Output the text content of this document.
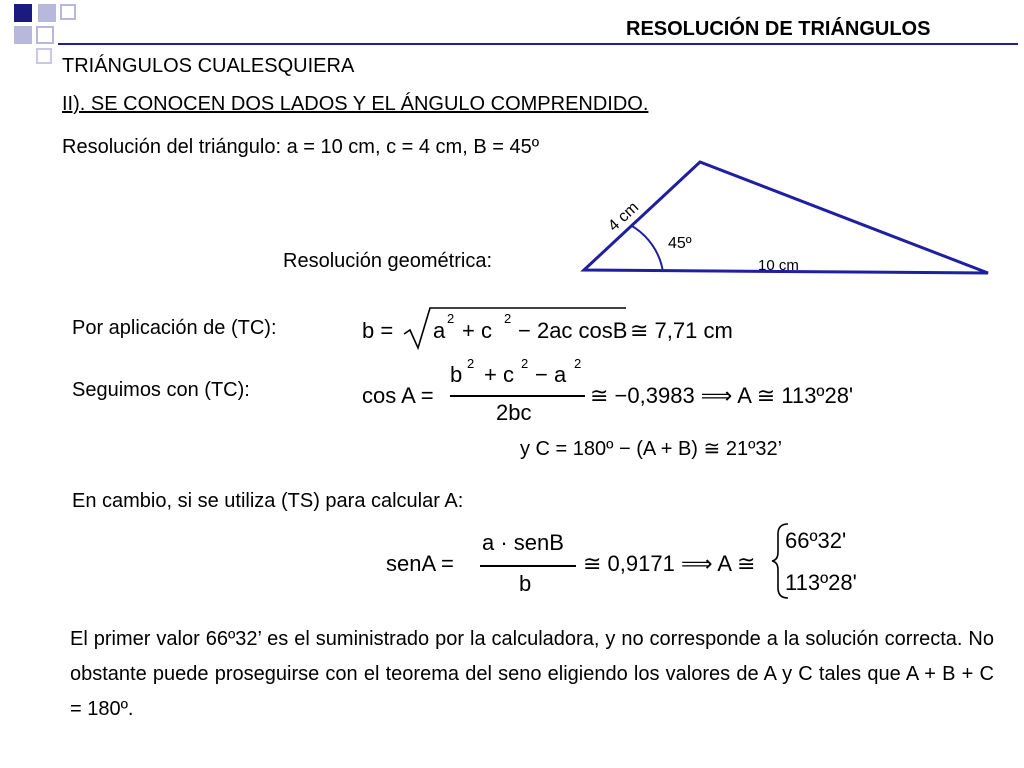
RESOLUCIÓN DE TRIÁNGULOS
TRIÁNGULOS CUALESQUIERA
II). SE CONOCEN DOS LADOS Y EL ÁNGULO COMPRENDIDO.
Resolución del triángulo: a = 10 cm, c = 4 cm, B = 45º
4 cm
45º
10 cm
Resolución geométrica:
Por aplicación de (TC):	b = a 2 + c 2 − 2ac cosB ≅ 7,71 cm
Seguimos con (TC):	cos A =
b 2 + c 2 − a 2
2bc
≅ −0,3983 ⟹ A ≅ 113º28'
y C = 180º − (A + B) ≅ 21º32’
En cambio, si se utiliza (TS) para calcular A:
senA =
a · senB
b
≅ 0,9171 ⟹ A ≅
66º32'
113º28'
El primer valor 66º32’ es el suministrado por la calculadora, y no corresponde a la solución correcta. No obstante puede proseguirse con el teorema del seno eligiendo los valores de A y C tales que A + B + C = 180º.
